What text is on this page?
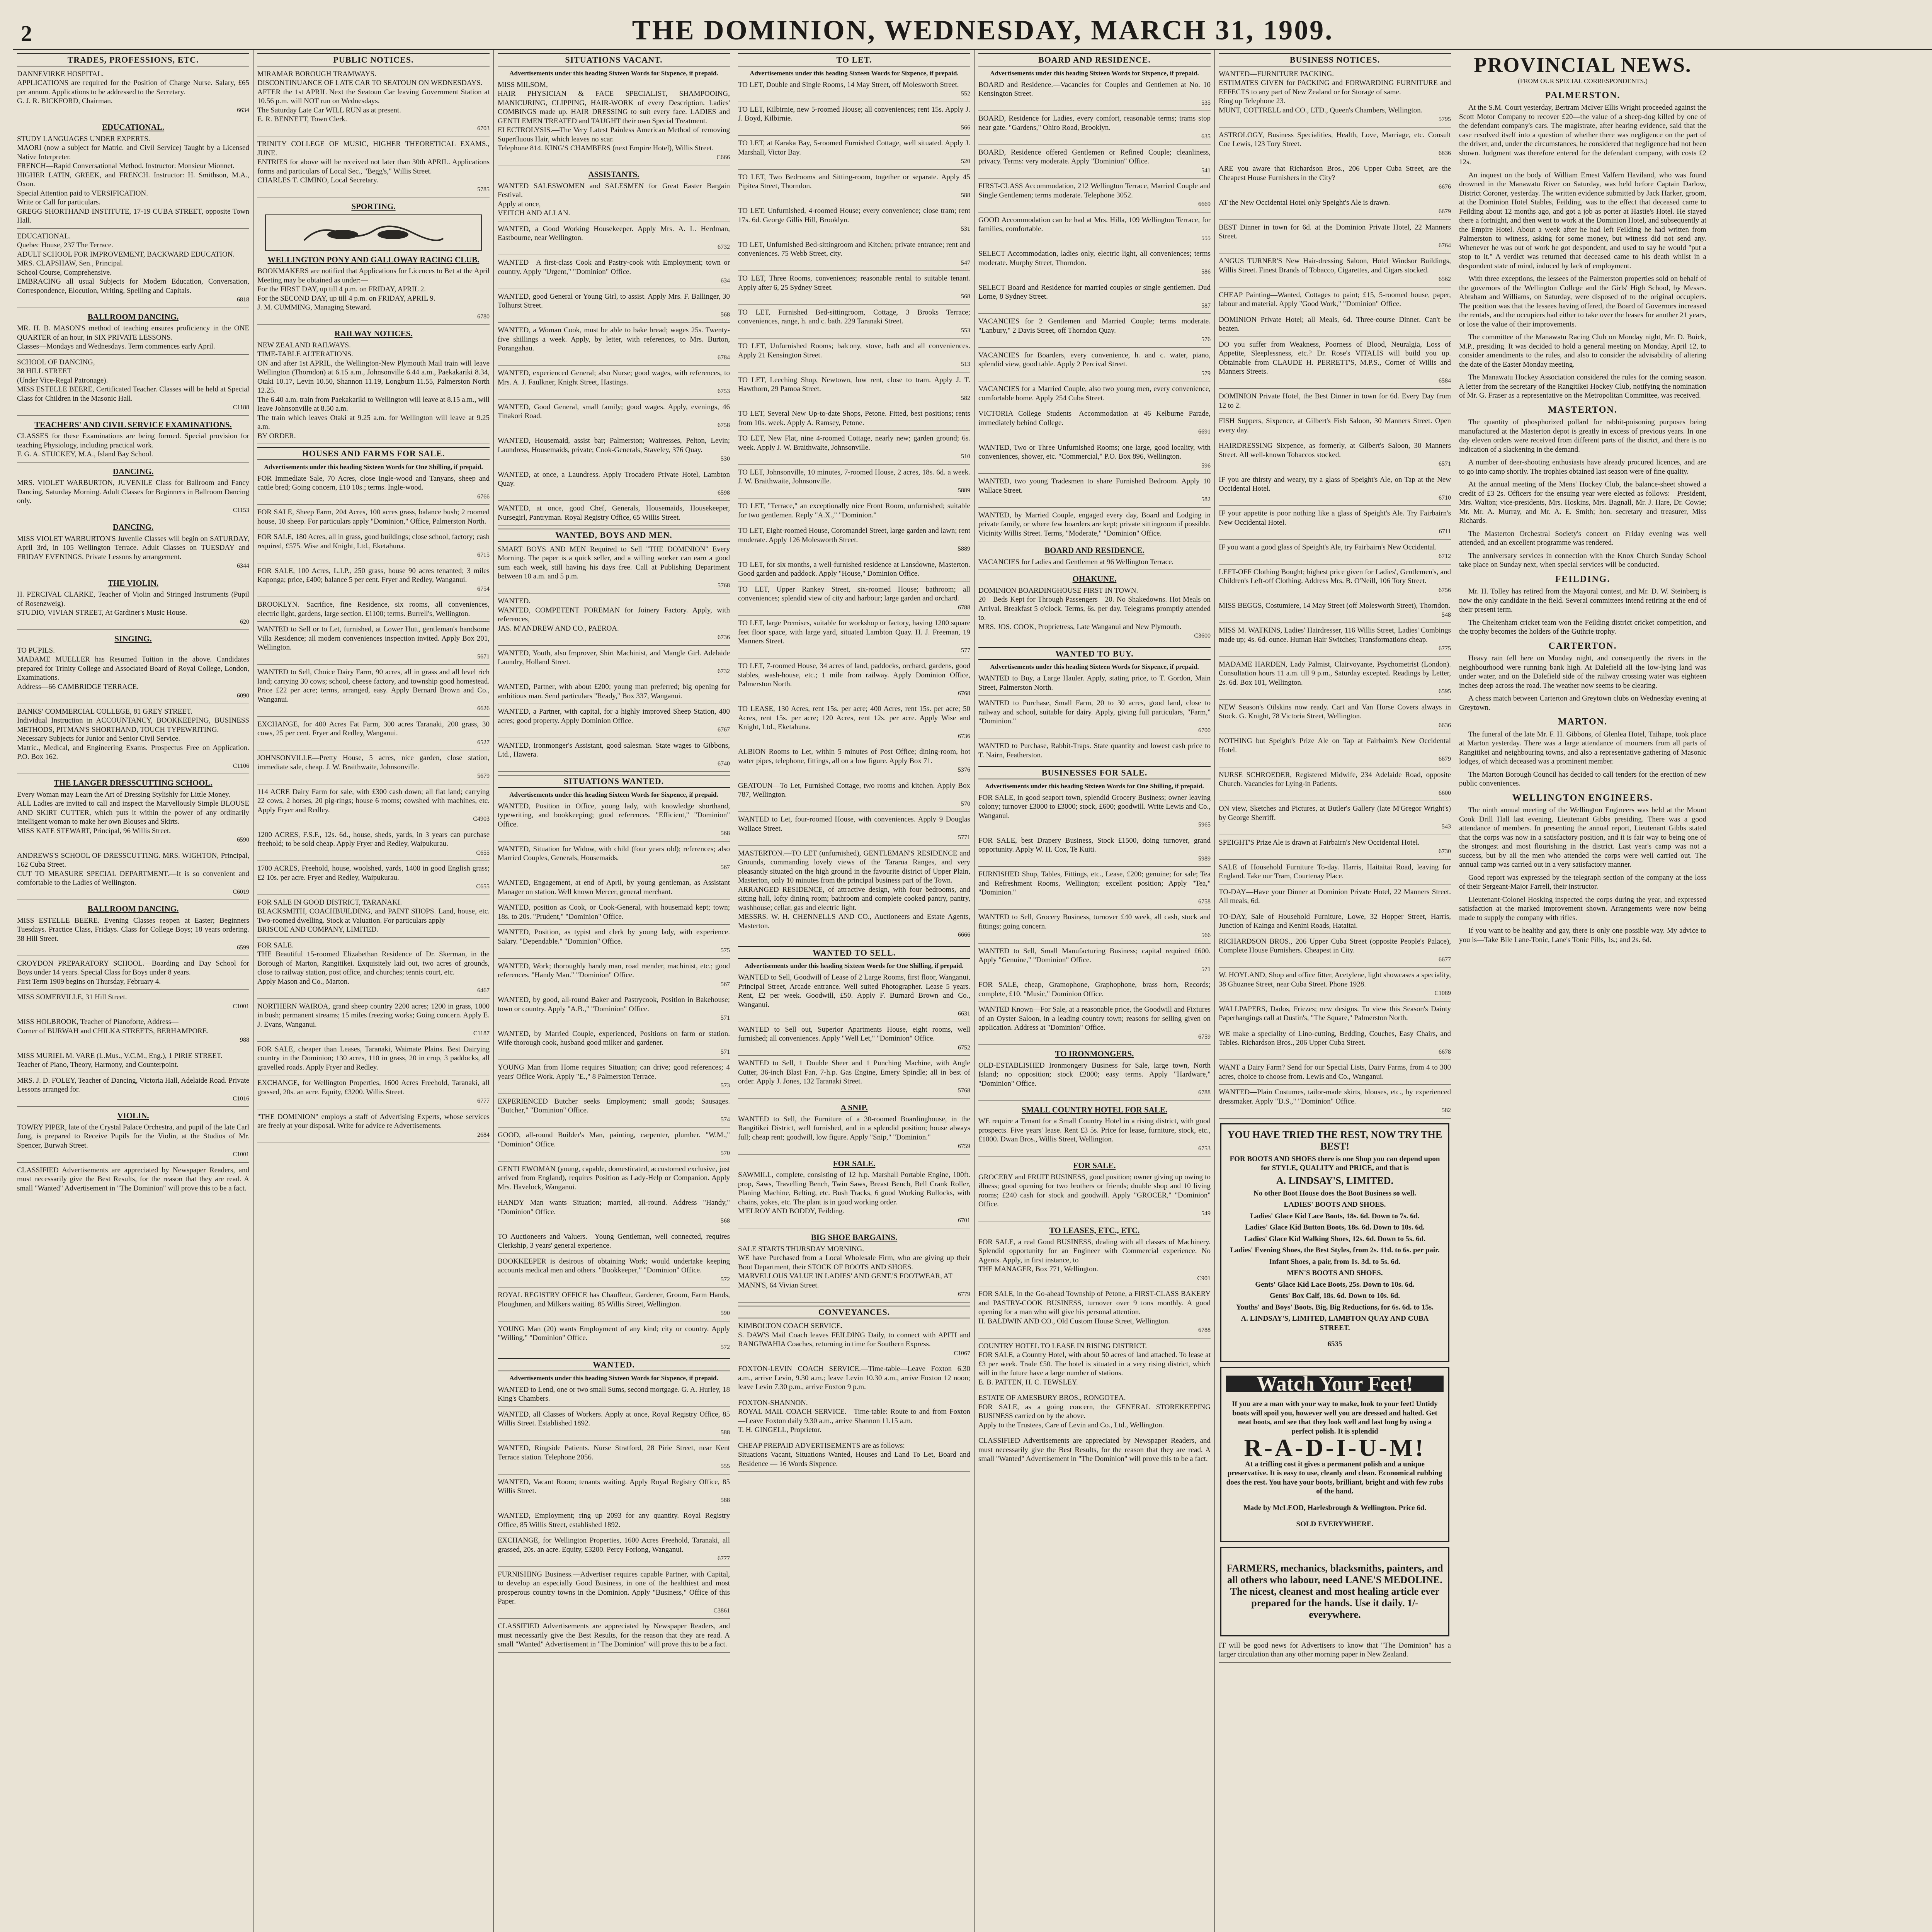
2	THE DOMINION, WEDNESDAY, MARCH 31, 1909.
TRADES, PROFESSIONS, ETC.

DANNEVIRKE HOSPITAL.

APPLICATIONS are required for the Position of Charge Nurse. Salary, £65 per annum. Applications to be addressed to the Secretary.

G. J. R. BICKFORD, Chairman.

6634

EDUCATIONAL.

STUDY LANGUAGES UNDER EXPERTS.

MAORI (now a subject for Matric. and Civil Service) Taught by a Licensed Native Interpreter.

FRENCH—Rapid Conversational Method. Instructor: Monsieur Mionnet.

HIGHER LATIN, GREEK, and FRENCH. Instructor: H. Smithson, M.A., Oxon.

Special Attention paid to VERSIFICATION.

Write or Call for particulars.

GREGG SHORTHAND INSTITUTE, 17-19 CUBA STREET, opposite Town Hall.

EDUCATIONAL.

Quebec House, 237 The Terrace.

ADULT SCHOOL FOR IMPROVEMENT, BACKWARD EDUCATION.

MRS. CLAPSHAW, Sen., Principal.

School Course, Comprehensive.

EMBRACING all usual Subjects for Modern Education, Conversation, Correspondence, Elocution, Writing, Spelling and Capitals.

6818

BALLROOM DANCING.

MR. H. B. MASON'S method of teaching ensures proficiency in the ONE QUARTER of an hour, in SIX PRIVATE LESSONS.

Classes—Mondays and Wednesdays. Term commences early April.

SCHOOL OF DANCING,

38 HILL STREET

(Under Vice-Regal Patronage).

MISS ESTELLE BEERE, Certificated Teacher. Classes will be held at Special Class for Children in the Masonic Hall.

C1188

TEACHERS' AND CIVIL SERVICE EXAMINATIONS.

CLASSES for these Examinations are being formed. Special provision for teaching Physiology, including practical work.

F. G. A. STUCKEY, M.A., Island Bay School.

DANCING.

MRS. VIOLET WARBURTON, JUVENILE Class for Ballroom and Fancy Dancing, Saturday Morning. Adult Classes for Beginners in Ballroom Dancing only.

C1153

DANCING.

MISS VIOLET WARBURTON'S Juvenile Classes will begin on SATURDAY, April 3rd, in 105 Wellington Terrace. Adult Classes on TUESDAY and FRIDAY EVENINGS. Private Lessons by arrangement.

6344

THE VIOLIN.

H. PERCIVAL CLARKE, Teacher of Violin and Stringed Instruments (Pupil of Rosenzweig).

STUDIO, VIVIAN STREET, At Gardiner's Music House.

620

SINGING.

TO PUPILS.

MADAME MUELLER has Resumed Tuition in the above. Candidates prepared for Trinity College and Associated Board of Royal College, London, Examinations.

Address—66 CAMBRIDGE TERRACE.

6090

BANKS' COMMERCIAL COLLEGE, 81 GREY STREET.

Individual Instruction in ACCOUNTANCY, BOOKKEEPING, BUSINESS METHODS, PITMAN'S SHORTHAND, TOUCH TYPEWRITING.

Necessary Subjects for Junior and Senior Civil Service.

Matric., Medical, and Engineering Exams. Prospectus Free on Application. P.O. Box 162.

C1106

THE LANGER DRESSCUTTING SCHOOL.

Every Woman may Learn the Art of Dressing Stylishly for Little Money.

ALL Ladies are invited to call and inspect the Marvellously Simple BLOUSE AND SKIRT CUTTER, which puts it within the power of any ordinarily intelligent woman to make her own Blouses and Skirts.

MISS KATE STEWART, Principal, 96 Willis Street.

6590

ANDREWS'S SCHOOL OF DRESSCUTTING. MRS. WIGHTON, Principal, 162 Cuba Street.

CUT TO MEASURE SPECIAL DEPARTMENT.—It is so convenient and comfortable to the Ladies of Wellington.

C6019

BALLROOM DANCING.

MISS ESTELLE BEERE. Evening Classes reopen at Easter; Beginners Tuesdays. Practice Class, Fridays. Class for College Boys; 18 years ordering. 38 Hill Street.

6599

CROYDON PREPARATORY SCHOOL.—Boarding and Day School for Boys under 14 years. Special Class for Boys under 8 years.

First Term 1909 begins on Thursday, February 4.

MISS SOMERVILLE, 31 Hill Street.

C1001

MISS HOLBROOK, Teacher of Pianoforte, Address—

Corner of BURWAH and CHILKA STREETS, BERHAMPORE.

988

MISS MURIEL M. VARE (L.Mus., V.C.M., Eng.), 1 PIRIE STREET.

Teacher of Piano, Theory, Harmony, and Counterpoint.

MRS. J. D. FOLEY, Teacher of Dancing, Victoria Hall, Adelaide Road. Private Lessons arranged for.

C1016

VIOLIN.

TOWRY PIPER, late of the Crystal Palace Orchestra, and pupil of the late Carl Jung, is prepared to Receive Pupils for the Violin, at the Studios of Mr. Spencer, Burwah Street.

C1001

CLASSIFIED Advertisements are appreciated by Newspaper Readers, and must necessarily give the Best Results, for the reason that they are read. A small "Wanted" Advertisement in "The Dominion" will prove this to be a fact.

PUBLIC NOTICES.

MIRAMAR BOROUGH TRAMWAYS.

DISCONTINUANCE OF LATE CAR TO SEATOUN ON WEDNESDAYS.

AFTER the 1st APRIL Next the Seatoun Car leaving Government Station at 10.56 p.m. will NOT run on Wednesdays.

The Saturday Late Car WILL RUN as at present.

E. R. BENNETT, Town Clerk.

6703

TRINITY COLLEGE OF MUSIC, HIGHER THEORETICAL EXAMS., JUNE.

ENTRIES for above will be received not later than 30th APRIL. Applications forms and particulars of Local Sec., "Begg's," Willis Street.

CHARLES T. CIMINO, Local Secretary.

5785

SPORTING.
WELLINGTON PONY AND GALLOWAY RACING CLUB.

BOOKMAKERS are notified that Applications for Licences to Bet at the April Meeting may be obtained as under:—

For the FIRST DAY, up till 4 p.m. on FRIDAY, APRIL 2.

For the SECOND DAY, up till 4 p.m. on FRIDAY, APRIL 9.

J. M. CUMMING, Managing Steward.

6780

RAILWAY NOTICES.

NEW ZEALAND RAILWAYS.

TIME-TABLE ALTERATIONS.

ON and after 1st APRIL, the Wellington-New Plymouth Mail train will leave Wellington (Thorndon) at 6.15 a.m., Johnsonville 6.44 a.m., Paekakariki 8.34, Otaki 10.17, Levin 10.50, Shannon 11.19, Longburn 11.55, Palmerston North 12.25.

The 6.40 a.m. train from Paekakariki to Wellington will leave at 8.15 a.m., will leave Johnsonville at 8.50 a.m.

The train which leaves Otaki at 9.25 a.m. for Wellington will leave at 9.25 a.m.

BY ORDER.

HOUSES AND FARMS FOR SALE.
Advertisements under this heading Sixteen Words for One Shilling, if prepaid.

FOR Immediate Sale, 70 Acres, close Ingle-wood and Tanyans, sheep and cattle bred; Going concern, £10 10s.; terms. Ingle-wood.

6766

FOR SALE, Sheep Farm, 204 Acres, 100 acres grass, balance bush; 2 roomed house, 10 sheep. For particulars apply "Dominion," Office, Palmerston North.

FOR SALE, 180 Acres, all in grass, good buildings; close school, factory; cash required, £575. Wise and Knight, Ltd., Eketahuna.

6715

FOR SALE, 100 Acres, L.I.P., 250 grass, house 90 acres tenanted; 3 miles Kaponga; price, £400; balance 5 per cent. Fryer and Redley, Wanganui.

6754

BROOKLYN.—Sacrifice, fine Residence, six rooms, all conveniences, electric light, gardens, large section. £1100; terms. Burrell's, Wellington.

WANTED to Sell or to Let, furnished, at Lower Hutt, gentleman's handsome Villa Residence; all modern conveniences inspection invited. Apply Box 201, Wellington.

5671

WANTED to Sell, Choice Dairy Farm, 90 acres, all in grass and all level rich land; carrying 30 cows; school, cheese factory, and township good homestead. Price £22 per acre; terms, arranged, easy. Apply Bernard Brown and Co., Wanganui.

6626

EXCHANGE, for 400 Acres Fat Farm, 300 acres Taranaki, 200 grass, 30 cows, 25 per cent. Fryer and Redley, Wanganui.

6527

JOHNSONVILLE—Pretty House, 5 acres, nice garden, close station, immediate sale, cheap. J. W. Braithwaite, Johnsonville.

5679

114 ACRE Dairy Farm for sale, with £300 cash down; all flat land; carrying 22 cows, 2 horses, 20 pig-rings; house 6 rooms; cowshed with machines, etc. Apply Fryer and Redley.

C4903

1200 ACRES, F.S.F., 12s. 6d., house, sheds, yards, in 3 years can purchase freehold; to be sold cheap. Apply Fryer and Redley, Waipukurau.

C655

1700 ACRES, Freehold, house, woolshed, yards, 1400 in good English grass; £2 10s. per acre. Fryer and Redley, Waipukurau.

C655

FOR SALE IN GOOD DISTRICT, TARANAKI.

BLACKSMITH, COACHBUILDING, and PAINT SHOPS. Land, house, etc. Two-roomed dwelling. Stock at Valuation. For particulars apply—

BRISCOE AND COMPANY, LIMITED.

FOR SALE.

THE Beautiful 15-roomed Elizabethan Residence of Dr. Skerman, in the Borough of Marton, Rangitikei. Exquisitely laid out, two acres of grounds, close to railway station, post office, and churches; tennis court, etc.

Apply Mason and Co., Marton.

6467

NORTHERN WAIROA, grand sheep country 2200 acres; 1200 in grass, 1000 in bush; permanent streams; 15 miles freezing works; Going concern. Apply E. J. Evans, Wanganui.

C1187

FOR SALE, cheaper than Leases, Taranaki, Waimate Plains. Best Dairying country in the Dominion; 130 acres, 110 in grass, 20 in crop, 3 paddocks, all gravelled roads. Apply Fryer and Redley.

EXCHANGE, for Wellington Properties, 1600 Acres Freehold, Taranaki, all grassed, 20s. an acre. Equity, £3200. Willis Street.

6777

"THE DOMINION" employs a staff of Advertising Experts, whose services are freely at your disposal. Write for advice re Advertisements.

2684

SITUATIONS VACANT.
Advertisements under this heading Sixteen Words for Sixpence, if prepaid.

MISS MILSOM,

HAIR PHYSICIAN & FACE SPECIALIST, SHAMPOOING, MANICURING, CLIPPING, HAIR-WORK of every Description. Ladies' COMBINGS made up. HAIR DRESSING to suit every face. LADIES and GENTLEMEN TREATED and TAUGHT their own Special Treatment.

ELECTROLYSIS.—The Very Latest Painless American Method of removing Superfluous Hair, which leaves no scar.

Telephone 814. KING'S CHAMBERS (next Empire Hotel), Willis Street.

C666

ASSISTANTS.

WANTED SALESWOMEN and SALESMEN for Great Easter Bargain Festival.

Apply at once,

VEITCH AND ALLAN.

WANTED, a Good Working Housekeeper. Apply Mrs. A. L. Herdman, Eastbourne, near Wellington.

6732

WANTED—A first-class Cook and Pastry-cook with Employment; town or country. Apply "Urgent," "Dominion" Office.

634

WANTED, good General or Young Girl, to assist. Apply Mrs. F. Ballinger, 30 Tolhurst Street.

568

WANTED, a Woman Cook, must be able to bake bread; wages 25s. Twenty-five shillings a week. Apply, by letter, with references, to Mrs. Burton, Porangahau.

6784

WANTED, experienced General; also Nurse; good wages, with references, to Mrs. A. J. Faulkner, Knight Street, Hastings.

6753

WANTED, Good General, small family; good wages. Apply, evenings, 46 Tinakori Road.

6758

WANTED, Housemaid, assist bar; Palmerston; Waitresses, Pelton, Levin; Laundress, Housemaids, private; Cook-Generals, Staveley, 376 Quay.

530

WANTED, at once, a Laundress. Apply Trocadero Private Hotel, Lambton Quay.

6598

WANTED, at once, good Chef, Generals, Housemaids, Housekeeper, Nursegirl, Pantryman. Royal Registry Office, 65 Willis Street.

WANTED, BOYS AND MEN.

SMART BOYS AND MEN Required to Sell "THE DOMINION" Every Morning. The paper is a quick seller, and a willing worker can earn a good sum each week, still having his days free. Call at Publishing Department between 10 a.m. and 5 p.m.

5768

WANTED.

WANTED, COMPETENT FOREMAN for Joinery Factory. Apply, with references,

JAS. M'ANDREW AND CO., PAEROA.

6736

WANTED, Youth, also Improver, Shirt Machinist, and Mangle Girl. Adelaide Laundry, Holland Street.

6732

WANTED, Partner, with about £200; young man preferred; big opening for ambitious man. Send particulars "Ready," Box 337, Wanganui.

WANTED, a Partner, with capital, for a highly improved Sheep Station, 400 acres; good property. Apply Dominion Office.

6767

WANTED, Ironmonger's Assistant, good salesman. State wages to Gibbons, Ltd., Hawera.

6740

SITUATIONS WANTED.
Advertisements under this heading Sixteen Words for Sixpence, if prepaid.

WANTED, Position in Office, young lady, with knowledge shorthand, typewriting, and bookkeeping; good references. "Efficient," "Dominion" Office.

568

WANTED, Situation for Widow, with child (four years old); references; also Married Couples, Generals, Housemaids.

567

WANTED, Engagement, at end of April, by young gentleman, as Assistant Manager on station. Well known Mercer, general merchant.

WANTED, position as Cook, or Cook-General, with housemaid kept; town; 18s. to 20s. "Prudent," "Dominion" Office.

WANTED, Position, as typist and clerk by young lady, with experience. Salary. "Dependable." "Dominion" Office.

575

WANTED, Work; thoroughly handy man, road mender, machinist, etc.; good references. "Handy Man." "Dominion" Office.

567

WANTED, by good, all-round Baker and Pastrycook, Position in Bakehouse; town or country. Apply "A.B.," "Dominion" Office.

571

WANTED, by Married Couple, experienced, Positions on farm or station. Wife thorough cook, husband good milker and gardener.

571

YOUNG Man from Home requires Situation; can drive; good references; 4 years' Office Work. Apply "E.," 8 Palmerston Terrace.

573

EXPERIENCED Butcher seeks Employment; small goods; Sausages. "Butcher," "Dominion" Office.

574

GOOD, all-round Builder's Man, painting, carpenter, plumber. "W.M.," "Dominion" Office.

570

GENTLEWOMAN (young, capable, domesticated, accustomed exclusive, just arrived from England), requires Position as Lady-Help or Companion. Apply Mrs. Havelock, Wanganui.

HANDY Man wants Situation; married, all-round. Address "Handy," "Dominion" Office.

568

TO Auctioneers and Valuers.—Young Gentleman, well connected, requires Clerkship, 3 years' general experience.

BOOKKEEPER is desirous of obtaining Work; would undertake keeping accounts medical men and others. "Bookkeeper," "Dominion" Office.

572

ROYAL REGISTRY OFFICE has Chauffeur, Gardener, Groom, Farm Hands, Ploughmen, and Milkers waiting. 85 Willis Street, Wellington.

590

YOUNG Man (20) wants Employment of any kind; city or country. Apply "Willing," "Dominion" Office.

572

WANTED.
Advertisements under this heading Sixteen Words for Sixpence, if prepaid.

WANTED to Lend, one or two small Sums, second mortgage. G. A. Hurley, 18 King's Chambers.

WANTED, all Classes of Workers. Apply at once, Royal Registry Office, 85 Willis Street. Established 1892.

588

WANTED, Ringside Patients. Nurse Stratford, 28 Pirie Street, near Kent Terrace station. Telephone 2056.

555

WANTED, Vacant Room; tenants waiting. Apply Royal Registry Office, 85 Willis Street.

588

WANTED, Employment; ring up 2093 for any quantity. Royal Registry Office, 85 Willis Street, established 1892.

EXCHANGE, for Wellington Properties, 1600 Acres Freehold, Taranaki, all grassed, 20s. an acre. Equity, £3200. Percy Forlong, Wanganui.

6777

FURNISHING Business.—Advertiser requires capable Partner, with Capital, to develop an especially Good Business, in one of the healthiest and most prosperous country towns in the Dominion. Apply "Business," Office of this Paper.

C3861

CLASSIFIED Advertisements are appreciated by Newspaper Readers, and must necessarily give the Best Results, for the reason that they are read. A small "Wanted" Advertisement in "The Dominion" will prove this to be a fact.

TO LET.
Advertisements under this heading Sixteen Words for Sixpence, if prepaid.

TO LET, Double and Single Rooms, 14 May Street, off Molesworth Street.

552

TO LET, Kilbirnie, new 5-roomed House; all conveniences; rent 15s. Apply J. J. Boyd, Kilbirnie.

566

TO LET, at Karaka Bay, 5-roomed Furnished Cottage, well situated. Apply J. Marshall, Victor Bay.

520

TO LET, Two Bedrooms and Sitting-room, together or separate. Apply 45 Pipitea Street, Thorndon.

588

TO LET, Unfurnished, 4-roomed House; every convenience; close tram; rent 17s. 6d. George Gillis Hill, Brooklyn.

531

TO LET, Unfurnished Bed-sittingroom and Kitchen; private entrance; rent and conveniences. 75 Webb Street, city.

547

TO LET, Three Rooms, conveniences; reasonable rental to suitable tenant. Apply after 6, 25 Sydney Street.

568

TO LET, Furnished Bed-sittingroom, Cottage, 3 Brooks Terrace; conveniences, range, h. and c. bath. 229 Taranaki Street.

553

TO LET, Unfurnished Rooms; balcony, stove, bath and all conveniences. Apply 21 Kensington Street.

513

TO LET, Leeching Shop, Newtown, low rent, close to tram. Apply J. T. Hawthorn, 29 Pamoa Street.

582

TO LET, Several New Up-to-date Shops, Petone. Fitted, best positions; rents from 10s. week. Apply A. Ramsey, Petone.

TO LET, New Flat, nine 4-roomed Cottage, nearly new; garden ground; 6s. week. Apply J. W. Braithwaite, Johnsonville.

510

TO LET, Johnsonville, 10 minutes, 7-roomed House, 2 acres, 18s. 6d. a week. J. W. Braithwaite, Johnsonville.

5889

TO LET, "Terrace," an exceptionally nice Front Room, unfurnished; suitable for two gentlemen. Reply "A.X.," "Dominion."

TO LET, Eight-roomed House, Coromandel Street, large garden and lawn; rent moderate. Apply 126 Molesworth Street.

5889

TO LET, for six months, a well-furnished residence at Lansdowne, Masterton. Good garden and paddock. Apply "House," Dominion Office.

TO LET, Upper Rankey Street, six-roomed House; bathroom; all conveniences; splendid view of city and harbour; large garden and orchard.

6788

TO LET, large Premises, suitable for workshop or factory, having 1200 square feet floor space, with large yard, situated Lambton Quay. H. J. Freeman, 19 Manners Street.

577

TO LET, 7-roomed House, 34 acres of land, paddocks, orchard, gardens, good stables, wash-house, etc.; 1 mile from railway. Apply Dominion Office, Palmerston North.

6768

TO LEASE, 130 Acres, rent 15s. per acre; 400 Acres, rent 15s. per acre; 50 Acres, rent 15s. per acre; 120 Acres, rent 12s. per acre. Apply Wise and Knight, Ltd., Eketahuna.

6736

ALBION Rooms to Let, within 5 minutes of Post Office; dining-room, hot water pipes, telephone, fittings, all on a low figure. Apply Box 71.

5376

GEATOUN—To Let, Furnished Cottage, two rooms and kitchen. Apply Box 787, Wellington.

570

WANTED to Let, four-roomed House, with conveniences. Apply 9 Douglas Wallace Street.

5771

MASTERTON.—TO LET (unfurnished), GENTLEMAN'S RESIDENCE and Grounds, commanding lovely views of the Tararua Ranges, and very pleasantly situated on the high ground in the favourite district of Upper Plain, Masterton, only 10 minutes from the principal business part of the Town.

ARRANGED RESIDENCE, of attractive design, with four bedrooms, and sitting hall, lofty dining room; bathroom and complete cooked pantry, pantry, washhouse; cellar, gas and electric light.

MESSRS. W. H. CHENNELLS AND CO., Auctioneers and Estate Agents, Masterton.

6666

WANTED TO SELL.
Advertisements under this heading Sixteen Words for One Shilling, if prepaid.

WANTED to Sell, Goodwill of Lease of 2 Large Rooms, first floor, Wanganui, Principal Street, Arcade entrance. Well suited Photographer. Lease 5 years. Rent, £2 per week. Goodwill, £50. Apply F. Burnard Brown and Co., Wanganui.

6631

WANTED to Sell out, Superior Apartments House, eight rooms, well furnished; all conveniences. Apply "Well Let," "Dominion" Office.

6752

WANTED to Sell, 1 Double Sheer and 1 Punching Machine, with Angle Cutter, 36-inch Blast Fan, 7-h.p. Gas Engine, Emery Spindle; all in best of order. Apply J. Jones, 132 Taranaki Street.

5768

A SNIP.

WANTED to Sell, the Furniture of a 30-roomed Boardinghouse, in the Rangitikei District, well furnished, and in a splendid position; house always full; cheap rent; goodwill, low figure. Apply "Snip," "Dominion."

6759

FOR SALE.

SAWMILL, complete, consisting of 12 h.p. Marshall Portable Engine, 100ft. prop, Saws, Travelling Bench, Twin Saws, Breast Bench, Bell Crank Roller, Planing Machine, Belting, etc. Bush Tracks, 6 good Working Bullocks, with chains, yokes, etc. The plant is in good working order.

M'ELROY AND BODDY, Feilding.

6701

BIG SHOE BARGAINS.

SALE STARTS THURSDAY MORNING.

WE have Purchased from a Local Wholesale Firm, who are giving up their Boot Department, their STOCK OF BOOTS AND SHOES.

MARVELLOUS VALUE IN LADIES' AND GENT.'S FOOTWEAR, AT

MANN'S, 64 Vivian Street.

6779

CONVEYANCES.

KIMBOLTON COACH SERVICE.

S. DAW'S Mail Coach leaves FEILDING Daily, to connect with APITI and RANGIWAHIA Coaches, returning in time for Southern Express.

C1067

FOXTON-LEVIN COACH SERVICE.—Time-table—Leave Foxton 6.30 a.m., arrive Levin, 9.30 a.m.; leave Levin 10.30 a.m., arrive Foxton 12 noon; leave Levin 7.30 p.m., arrive Foxton 9 p.m.

FOXTON-SHANNON.

ROYAL MAIL COACH SERVICE.—Time-table: Route to and from Foxton—Leave Foxton daily 9.30 a.m., arrive Shannon 11.15 a.m.

T. H. GINGELL, Proprietor.

CHEAP PREPAID ADVERTISEMENTS are as follows:—

Situations Vacant, Situations Wanted, Houses and Land To Let, Board and Residence — 16 Words Sixpence.

BOARD AND RESIDENCE.
Advertisements under this heading Sixteen Words for Sixpence, if prepaid.

BOARD and Residence.—Vacancies for Couples and Gentlemen at No. 10 Kensington Street.

535

BOARD, Residence for Ladies, every comfort, reasonable terms; trams stop near gate. "Gardens," Ohiro Road, Brooklyn.

635

BOARD, Residence offered Gentlemen or Refined Couple; cleanliness, privacy. Terms: very moderate. Apply "Dominion" Office.

541

FIRST-CLASS Accommodation, 212 Wellington Terrace, Married Couple and Single Gentlemen; terms moderate. Telephone 3052.

6669

GOOD Accommodation can be had at Mrs. Hilla, 109 Wellington Terrace, for families, comfortable.

555

SELECT Accommodation, ladies only, electric light, all conveniences; terms moderate. Murphy Street, Thorndon.

586

SELECT Board and Residence for married couples or single gentlemen. Dud Lorne, 8 Sydney Street.

587

VACANCIES for 2 Gentlemen and Married Couple; terms moderate. "Lanbury," 2 Davis Street, off Thorndon Quay.

576

VACANCIES for Boarders, every convenience, h. and c. water, piano, splendid view, good table. Apply 2 Percival Street.

579

VACANCIES for a Married Couple, also two young men, every convenience, comfortable home. Apply 254 Cuba Street.

VICTORIA College Students—Accommodation at 46 Kelburne Parade, immediately behind College.

6691

WANTED, Two or Three Unfurnished Rooms; one large, good locality, with conveniences, shower, etc. "Commercial," P.O. Box 896, Wellington.

596

WANTED, two young Tradesmen to share Furnished Bedroom. Apply 10 Wallace Street.

582

WANTED, by Married Couple, engaged every day, Board and Lodging in private family, or where few boarders are kept; private sittingroom if possible. Vicinity Willis Street. Terms, "Moderate," "Dominion" Office.

BOARD AND RESIDENCE.

VACANCIES for Ladies and Gentlemen at 96 Wellington Terrace.

OHAKUNE.

DOMINION BOARDINGHOUSE FIRST IN TOWN.

20—Beds Kept for Through Passengers—20. No Shakedowns. Hot Meals on Arrival. Breakfast 5 o'clock. Terms, 6s. per day. Telegrams promptly attended to.

MRS. JOS. COOK, Proprietress, Late Wanganui and New Plymouth.

C3600

WANTED TO BUY.
Advertisements under this heading Sixteen Words for Sixpence, if prepaid.

WANTED to Buy, a Large Hauler. Apply, stating price, to T. Gordon, Main Street, Palmerston North.

WANTED to Purchase, Small Farm, 20 to 30 acres, good land, close to railway and school, suitable for dairy. Apply, giving full particulars, "Farm," "Dominion."

6700

WANTED to Purchase, Rabbit-Traps. State quantity and lowest cash price to T. Nairn, Featherston.

BUSINESSES FOR SALE.
Advertisements under this heading Sixteen Words for One Shilling, if prepaid.

FOR SALE, in good seaport town, splendid Grocery Business; owner leaving colony; turnover £3000 to £3000; stock, £600; goodwill. Write Lewis and Co., Wanganui.

5965

FOR SALE, best Drapery Business, Stock £1500, doing turnover, grand opportunity. Apply W. H. Cox, Te Kuiti.

5989

FURNISHED Shop, Tables, Fittings, etc., Lease, £200; genuine; for sale; Tea and Refreshment Rooms, Wellington; excellent position; Apply "Tea," "Dominion."

6758

WANTED to Sell, Grocery Business, turnover £40 week, all cash, stock and fittings; going concern.

566

WANTED to Sell, Small Manufacturing Business; capital required £600. Apply "Genuine," "Dominion" Office.

571

FOR SALE, cheap, Gramophone, Graphophone, brass horn, Records; complete, £10. "Music," Dominion Office.

WANTED Known—For Sale, at a reasonable price, the Goodwill and Fixtures of an Oyster Saloon, in a leading country town; reasons for selling given on application. Address at "Dominion" Office.

6759

TO IRONMONGERS.

OLD-ESTABLISHED Ironmongery Business for Sale, large town, North Island; no opposition; stock £2000; easy terms. Apply "Hardware," "Dominion" Office.

6788

SMALL COUNTRY HOTEL FOR SALE.

WE require a Tenant for a Small Country Hotel in a rising district, with good prospects. Five years' lease. Rent £3 5s. Price for lease, furniture, stock, etc., £1000. Dwan Bros., Willis Street, Wellington.

6753

FOR SALE.

GROCERY and FRUIT BUSINESS, good position; owner giving up owing to illness; good opening for two brothers or friends; double shop and 10 living rooms; £240 cash for stock and goodwill. Apply "GROCER," "Dominion" Office.

549

TO LEASES, ETC., ETC.

FOR SALE, a real Good BUSINESS, dealing with all classes of Machinery. Splendid opportunity for an Engineer with Commercial experience. No Agents. Apply, in first instance, to

THE MANAGER, Box 771, Wellington.

C901

FOR SALE, in the Go-ahead Township of Petone, a FIRST-CLASS BAKERY and PASTRY-COOK BUSINESS, turnover over 9 tons monthly. A good opening for a man who will give his personal attention.

H. BALDWIN AND CO., Old Custom House Street, Wellington.

6788

COUNTRY HOTEL TO LEASE IN RISING DISTRICT.

FOR SALE, a Country Hotel, with about 50 acres of land attached. To lease at £3 per week. Trade £50. The hotel is situated in a very rising district, which will in the future have a large number of stations.

E. B. PATTEN, H. C. TEWSLEY.

ESTATE OF AMESBURY BROS., RONGOTEA.

FOR SALE, as a going concern, the GENERAL STOREKEEPING BUSINESS carried on by the above.

Apply to the Trustees, Care of Levin and Co., Ltd., Wellington.

CLASSIFIED Advertisements are appreciated by Newspaper Readers, and must necessarily give the Best Results, for the reason that they are read. A small "Wanted" Advertisement in "The Dominion" will prove this to be a fact.

BUSINESS NOTICES.

WANTED—FURNITURE PACKING.

ESTIMATES GIVEN for PACKING and FORWARDING FURNITURE and EFFECTS to any part of New Zealand or for Storage of same.

Ring up Telephone 23.

MUNT, COTTRELL and CO., LTD., Queen's Chambers, Wellington.

5795

ASTROLOGY, Business Specialities, Health, Love, Marriage, etc. Consult Coe Lewis, 123 Tory Street.

6636

ARE you aware that Richardson Bros., 206 Upper Cuba Street, are the Cheapest House Furnishers in the City?

6676

AT the New Occidental Hotel only Speight's Ale is drawn.

6679

BEST Dinner in town for 6d. at the Dominion Private Hotel, 22 Manners Street.

6764

ANGUS TURNER'S New Hair-dressing Saloon, Hotel Windsor Buildings, Willis Street. Finest Brands of Tobacco, Cigarettes, and Cigars stocked.

6562

CHEAP Painting—Wanted, Cottages to paint; £15, 5-roomed house, paper, labour and material. Apply "Good Work," "Dominion" Office.

DOMINION Private Hotel; all Meals, 6d. Three-course Dinner. Can't be beaten.

DO you suffer from Weakness, Poorness of Blood, Neuralgia, Loss of Appetite, Sleeplessness, etc.? Dr. Rose's VITALIS will build you up. Obtainable from CLAUDE H. PERRETT'S, M.P.S., Corner of Willis and Manners Streets.

6584

DOMINION Private Hotel, the Best Dinner in town for 6d. Every Day from 12 to 2.

FISH Suppers, Sixpence, at Gilbert's Fish Saloon, 30 Manners Street. Open every day.

HAIRDRESSING Sixpence, as formerly, at Gilbert's Saloon, 30 Manners Street. All well-known Tobaccos stocked.

6571

IF you are thirsty and weary, try a glass of Speight's Ale, on Tap at the New Occidental Hotel.

6710

IF your appetite is poor nothing like a glass of Speight's Ale. Try Fairbairn's New Occidental Hotel.

6711

IF you want a good glass of Speight's Ale, try Fairbairn's New Occidental.

6712

LEFT-OFF Clothing Bought; highest price given for Ladies', Gentlemen's, and Children's Left-off Clothing. Address Mrs. B. O'Neill, 106 Tory Street.

6756

MISS BEGGS, Costumiere, 14 May Street (off Molesworth Street), Thorndon.

548

MISS M. WATKINS, Ladies' Hairdresser, 116 Willis Street, Ladies' Combings made up; 4s. 6d. ounce. Human Hair Switches; Transformations cheap.

6775

MADAME HARDEN, Lady Palmist, Clairvoyante, Psychometrist (London). Consultation hours 11 a.m. till 9 p.m., Saturday excepted. Readings by Letter, 2s. 6d. Box 101, Wellington.

6595

NEW Season's Oilskins now ready. Cart and Van Horse Covers always in Stock. G. Knight, 78 Victoria Street, Wellington.

6636

NOTHING but Speight's Prize Ale on Tap at Fairbairn's New Occidental Hotel.

6679

NURSE SCHROEDER, Registered Midwife, 234 Adelaide Road, opposite Church. Vacancies for Lying-in Patients.

6600

ON view, Sketches and Pictures, at Butler's Gallery (late M'Gregor Wright's) by George Sherriff.

543

SPEIGHT'S Prize Ale is drawn at Fairbairn's New Occidental Hotel.

6730

SALE of Household Furniture To-day. Harris, Haitaitai Road, leaving for England. Take our Tram, Courtenay Place.

TO-DAY—Have your Dinner at Dominion Private Hotel, 22 Manners Street. All meals, 6d.

TO-DAY, Sale of Household Furniture, Lowe, 32 Hopper Street, Harris, Junction of Kainga and Kenini Roads, Hataitai.

RICHARDSON BROS., 206 Upper Cuba Street (opposite People's Palace), Complete House Furnishers. Cheapest in City.

6677

W. HOYLAND, Shop and office fitter, Acetylene, light showcases a speciality, 38 Ghuznee Street, near Cuba Street. Phone 1928.

C1089

WALLPAPERS, Dados, Friezes; new designs. To view this Season's Dainty Paperhangings call at Dustin's, "The Square," Palmerston North.

WE make a speciality of Lino-cutting, Bedding, Couches, Easy Chairs, and Tables. Richardson Bros., 206 Upper Cuba Street.

6678

WANT a Dairy Farm? Send for our Special Lists, Dairy Farms, from 4 to 300 acres, choice to choose from. Lewis and Co., Wanganui.

WANTED—Plain Costumes, tailor-made skirts, blouses, etc., by experienced dressmaker. Apply "D.S.," "Dominion" Office.

582

YOU HAVE TRIED THE REST, NOW TRY THE BEST!

FOR BOOTS AND SHOES there is one Shop you can depend upon for STYLE, QUALITY and PRICE, and that is

A. LINDSAY'S, LIMITED.

No other Boot House does the Boot Business so well.

LADIES' BOOTS AND SHOES.

Ladies' Glace Kid Lace Boots, 18s. 6d. Down to 7s. 6d.

Ladies' Glace Kid Button Boots, 18s. 6d. Down to 10s. 6d.

Ladies' Glace Kid Walking Shoes, 12s. 6d. Down to 5s. 6d.

Ladies' Evening Shoes, the Best Styles, from 2s. 11d. to 6s. per pair.

Infant Shoes, a pair, from 1s. 3d. to 5s. 6d.

MEN'S BOOTS AND SHOES.

Gents' Glace Kid Lace Boots, 25s. Down to 10s. 6d.

Gents' Box Calf, 18s. 6d. Down to 10s. 6d.

Youths' and Boys' Boots, Big, Big Reductions, for 6s. 6d. to 15s.

A. LINDSAY'S, LIMITED, LAMBTON QUAY AND CUBA STREET.

6535

Watch Your Feet!

If you are a man with your way to make, look to your feet! Untidy boots will spoil you, however well you are dressed and halted. Get neat boots, and see that they look well and last long by using a perfect polish. It is splendid

R-A-D-I-U-M!

At a trifling cost it gives a permanent polish and a unique preservative. It is easy to use, cleanly and clean. Economical rubbing does the rest. You have your boots, brilliant, bright and with few rubs of the hand.

Made by McLEOD, Harlesbrough & Wellington. Price 6d.

SOLD EVERYWHERE.

FARMERS, mechanics, blacksmiths, painters, and all others who labour, need LANE'S MEDOLINE. The nicest, cleanest and most healing article ever prepared for the hands. Use it daily. 1/- everywhere.

IT will be good news for Advertisers to know that "The Dominion" has a larger circulation than any other morning paper in New Zealand.

PROVINCIAL NEWS.
(FROM OUR SPECIAL CORRESPONDENTS.)
PALMERSTON.

At the S.M. Court yesterday, Bertram McIver Ellis Wright proceeded against the Scott Motor Company to recover £20—the value of a sheep-dog killed by one of the defendant company's cars. The magistrate, after hearing evidence, said that the case resolved itself into a question of whether there was negligence on the part of the driver, and, under the circumstances, he considered that negligence had not been shown. Judgment was therefore entered for the defendant company, with costs £2 12s.

An inquest on the body of William Ernest Valfern Haviland, who was found drowned in the Manawatu River on Saturday, was held before Captain Darlow, District Coroner, yesterday. The written evidence submitted by Jack Harker, groom, at the Dominion Hotel Stables, Feilding, was to the effect that deceased came to Feilding about 12 months ago, and got a job as porter at Hastie's Hotel. He stayed there a fortnight, and then went to work at the Dominion Hotel, and subsequently at the Empire Hotel. About a week after he had left Feilding he had written from Palmerston to witness, asking for some money, but witness did not send any. Whenever he was out of work he got despondent, and used to say he would "put a stop to it." A verdict was returned that deceased came to his death whilst in a despondent state of mind, induced by lack of employment.

With three exceptions, the lessees of the Palmerston properties sold on behalf of the governors of the Wellington College and the Girls' High School, by Messrs. Abraham and Williams, on Saturday, were disposed of to the original occupiers. The position was that the lessees having offered, the Board of Governors increased the rentals, and the occupiers had either to take over the leases for another 21 years, or lose the value of their improvements.

The committee of the Manawatu Racing Club on Monday night, Mr. D. Buick, M.P., presiding. It was decided to hold a general meeting on Monday, April 12, to consider amendments to the rules, and also to consider the advisability of altering the date of the Easter Monday meeting.

The Manawatu Hockey Association considered the rules for the coming season. A letter from the secretary of the Rangitikei Hockey Club, notifying the nomination of Mr. G. Fraser as a representative on the Metropolitan Committee, was received.

MASTERTON.

The quantity of phosphorized pollard for rabbit-poisoning purposes being manufactured at the Masterton depot is greatly in excess of previous years. In one day eleven orders were received from different parts of the district, and there is no indication of a slackening in the demand.

A number of deer-shooting enthusiasts have already procured licences, and are to go into camp shortly. The trophies obtained last season were of fine quality.

At the annual meeting of the Mens' Hockey Club, the balance-sheet showed a credit of £3 2s. Officers for the ensuing year were elected as follows:—President, Mrs. Walton; vice-presidents, Mrs. Hoskins, Mrs. Bagnall, Mr. J. Hare, Dr. Cowie; Mr. Mr. A. Murray, and Mr. A. E. Smith; hon. secretary and treasurer, Miss Richards.

The Masterton Orchestral Society's concert on Friday evening was well attended, and an excellent programme was rendered.

The anniversary services in connection with the Knox Church Sunday School take place on Sunday next, when special services will be conducted.

FEILDING.

Mr. H. Tolley has retired from the Mayoral contest, and Mr. D. W. Steinberg is now the only candidate in the field. Several committees intend retiring at the end of their present term.

The Cheltenham cricket team won the Feilding district cricket competition, and the trophy becomes the holders of the Guthrie trophy.

CARTERTON.

Heavy rain fell here on Monday night, and consequently the rivers in the neighbourhood were running bank high. At Dalefield all the low-lying land was under water, and on the Dalefield side of the railway crossing water was eighteen inches deep across the road. The weather now seems to be clearing.

A chess match between Carterton and Greytown clubs on Wednesday evening at Greytown.

MARTON.

The funeral of the late Mr. F. H. Gibbons, of Glenlea Hotel, Taihape, took place at Marton yesterday. There was a large attendance of mourners from all parts of Rangitikei and neighbouring towns, and also a representative gathering of Masonic lodges, of which deceased was a prominent member.

The Marton Borough Council has decided to call tenders for the erection of new public conveniences.

WELLINGTON ENGINEERS.

The ninth annual meeting of the Wellington Engineers was held at the Mount Cook Drill Hall last evening, Lieutenant Gibbs presiding. There was a good attendance of members. In presenting the annual report, Lieutenant Gibbs stated that the corps was now in a satisfactory position, and it is fair way to being one of the strongest and most flourishing in the district. Last year's camp was not a success, but by all the men who attended the corps were well carried out. The annual camp was carried out in a very satisfactory manner.

Good report was expressed by the telegraph section of the company at the loss of their Sergeant-Major Farrell, their instructor.

Lieutenant-Colonel Hosking inspected the corps during the year, and expressed satisfaction at the marked improvement shown. Arrangements were now being made to supply the company with rifles.

If you want to be healthy and gay, there is only one possible way. My advice to you is—Take Bile Lane-Tonic, Lane's Tonic Pills, 1s.; and 2s. 6d.
